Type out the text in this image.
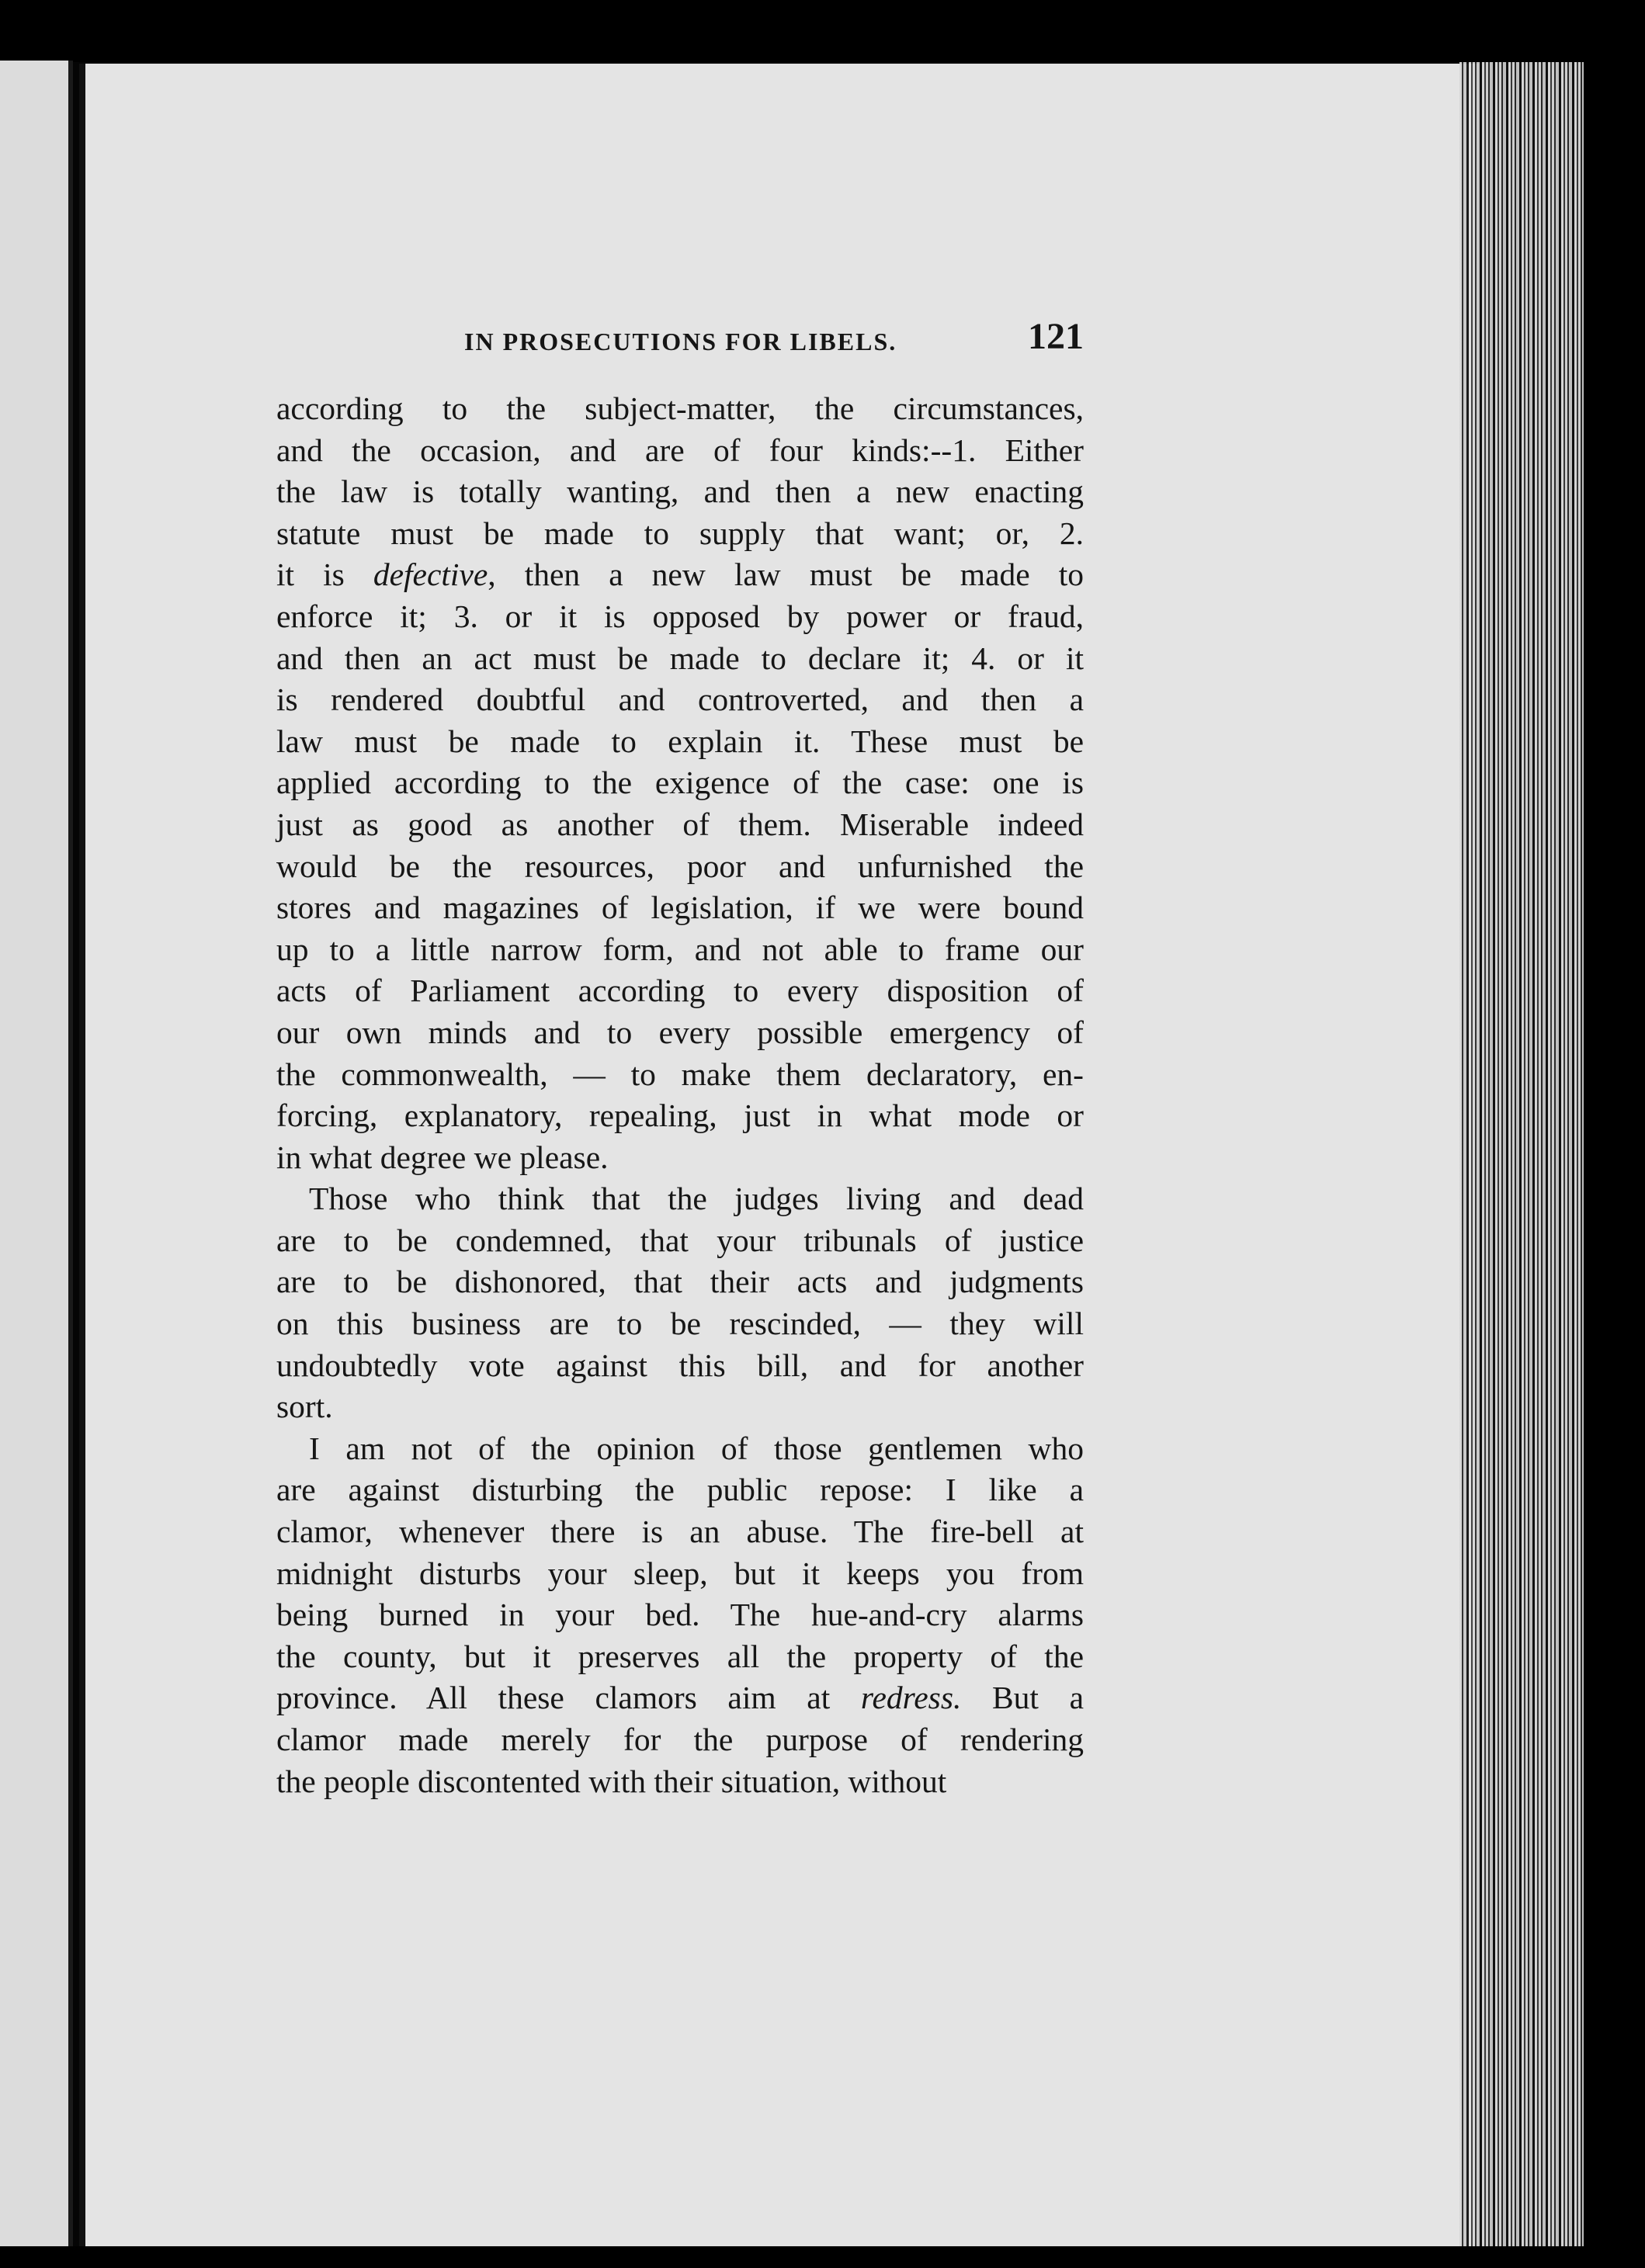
IN PROSECUTIONS FOR LIBELS.	121

according to the subject-matter, the circumstances,
and the occasion, and are of four kinds:--1. Either
the law is totally wanting, and then a new enacting
statute must be made to supply that want; or, 2.
it is defective, then a new law must be made to
enforce it; 3. or it is opposed by power or fraud,
and then an act must be made to declare it; 4. or it
is rendered doubtful and controverted, and then a
law must be made to explain it. These must be
applied according to the exigence of the case: one is
just as good as another of them. Miserable indeed
would be the resources, poor and unfurnished the
stores and magazines of legislation, if we were bound
up to a little narrow form, and not able to frame our
acts of Parliament according to every disposition of
our own minds and to every possible emergency of
the commonwealth, — to make them declaratory, en-
forcing, explanatory, repealing, just in what mode or
in what degree we please.

Those who think that the judges living and dead
are to be condemned, that your tribunals of justice
are to be dishonored, that their acts and judgments
on this business are to be rescinded, — they will
undoubtedly vote against this bill, and for another
sort.

I am not of the opinion of those gentlemen who
are against disturbing the public repose: I like a
clamor, whenever there is an abuse. The fire-bell at
midnight disturbs your sleep, but it keeps you from
being burned in your bed. The hue-and-cry alarms
the county, but it preserves all the property of the
province. All these clamors aim at redress. But a
clamor made merely for the purpose of rendering
the people discontented with their situation, without
